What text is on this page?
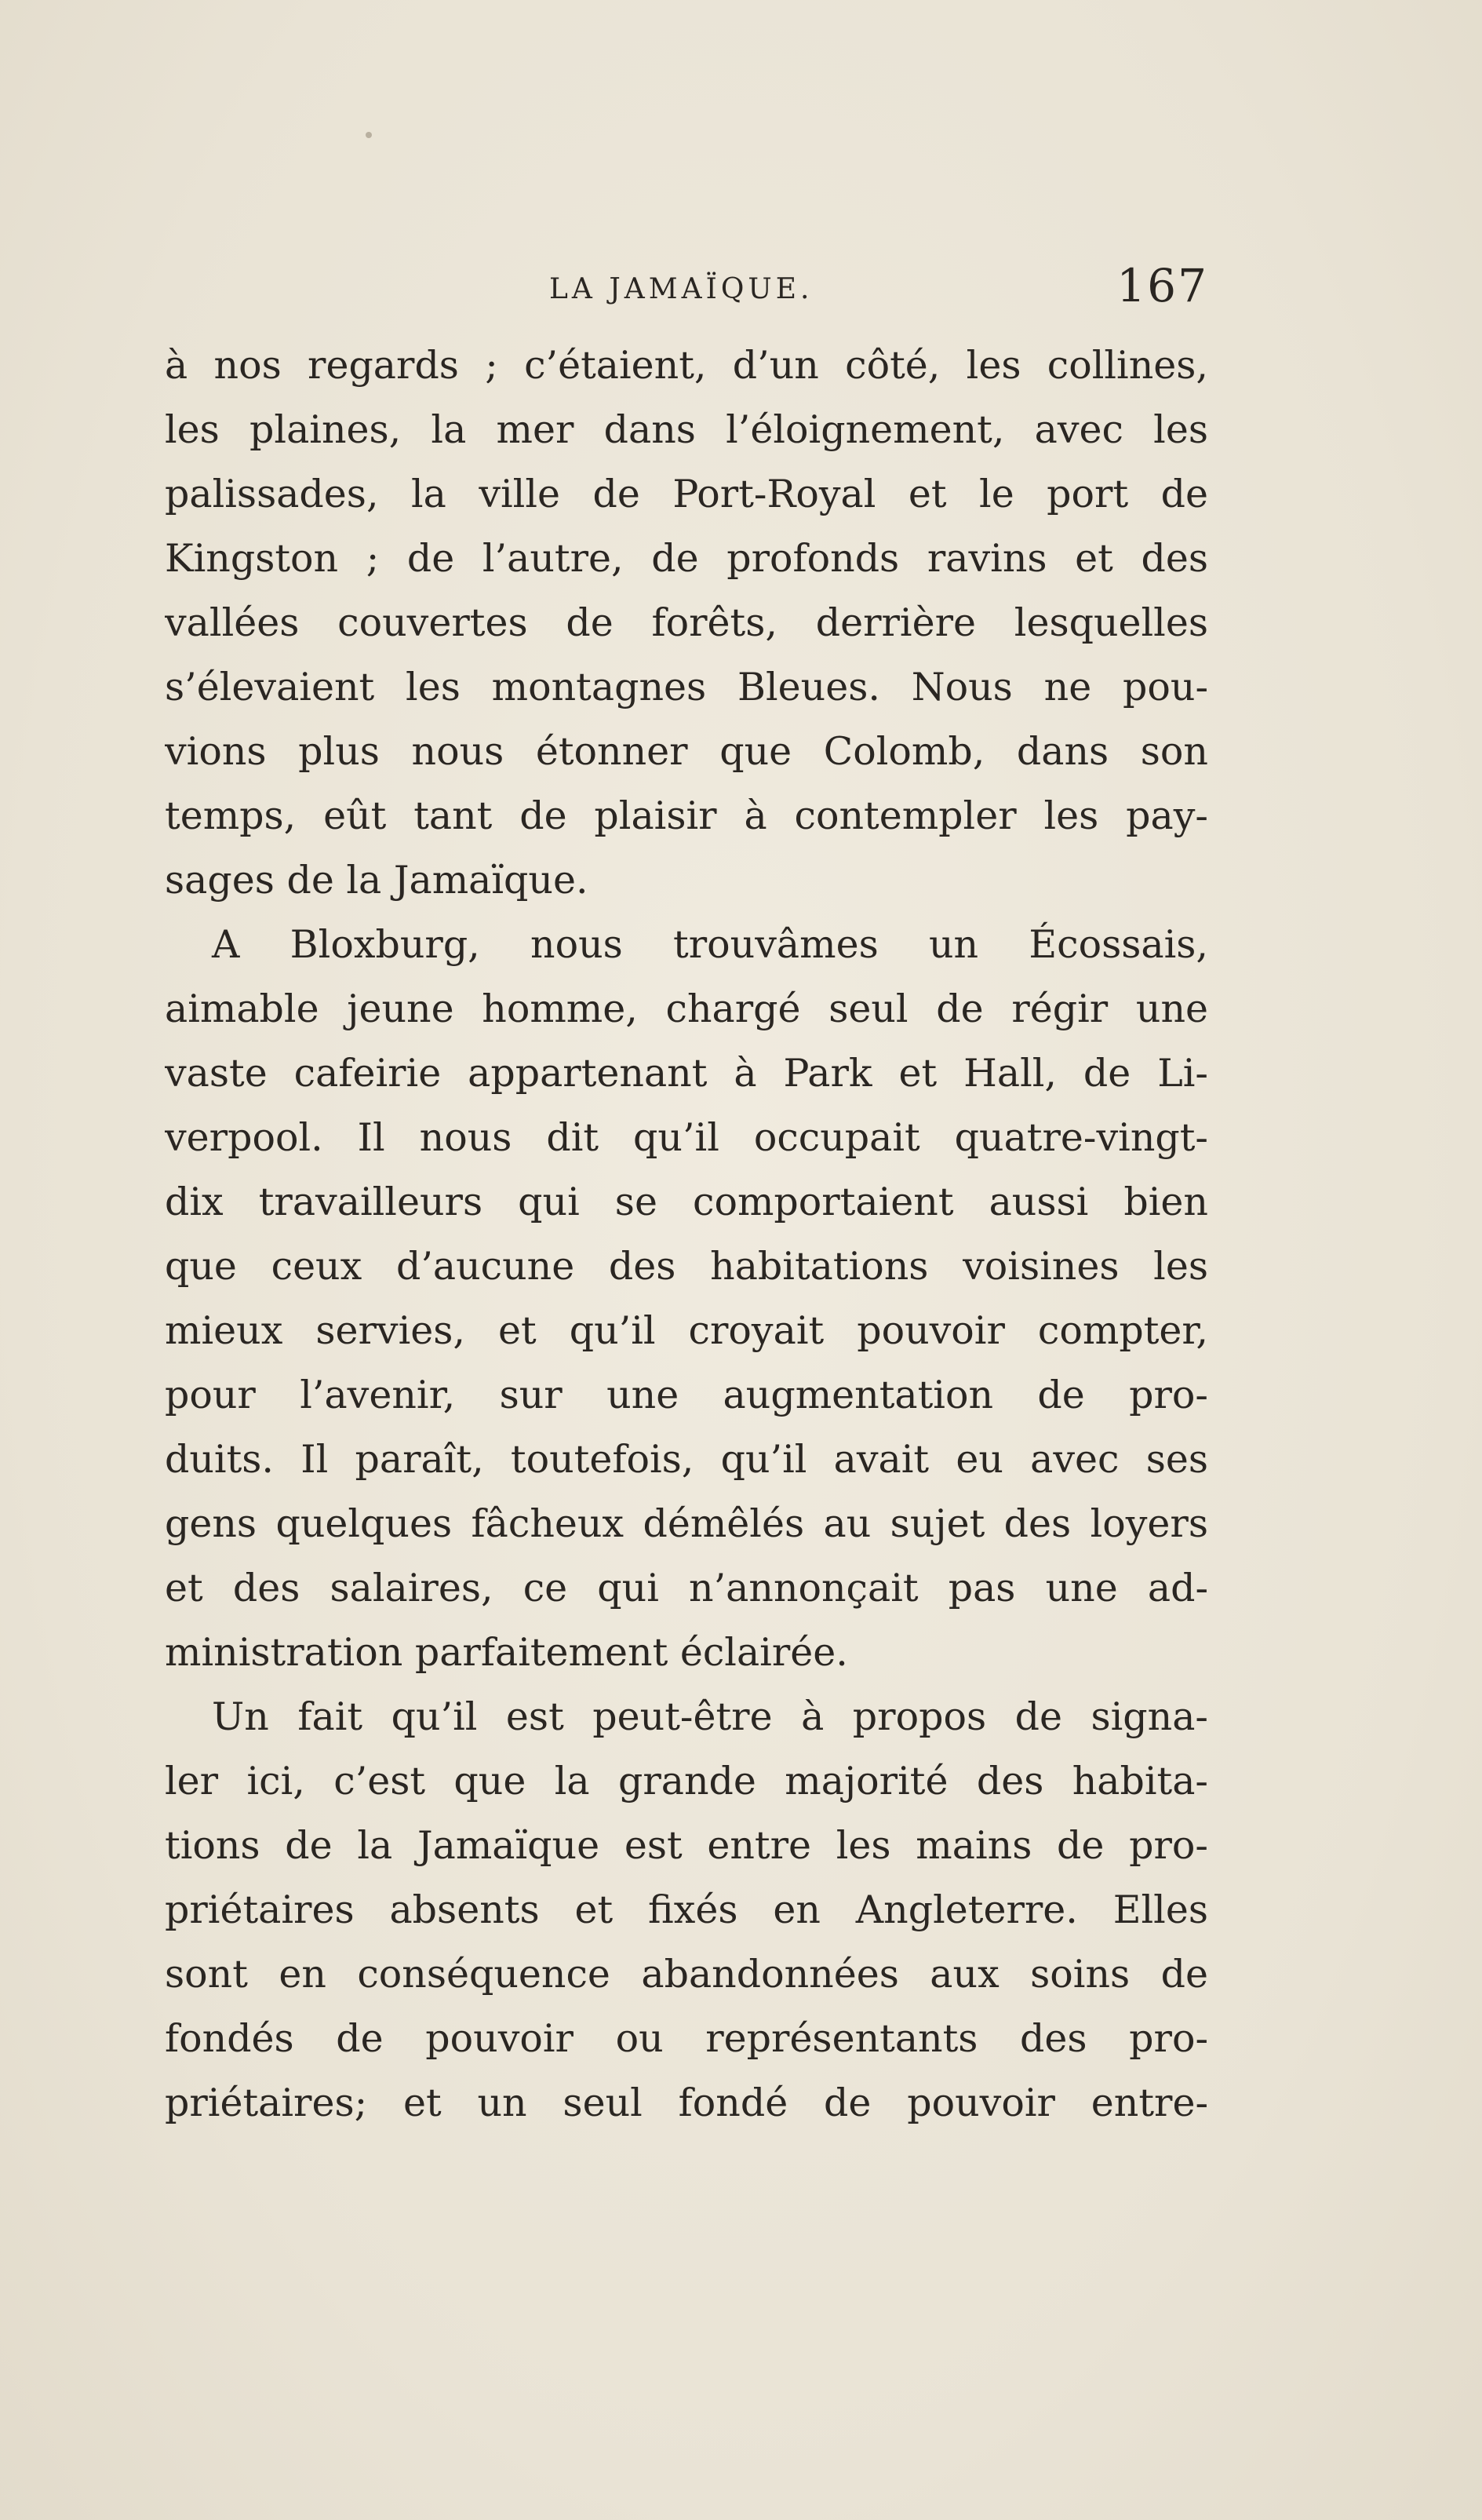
LA JAMAÏQUE.	167
à nos regards ; c’étaient, d’un côté, les collines,
les plaines, la mer dans l’éloignement, avec les
palissades, la ville de Port-Royal et le port de
Kingston ; de l’autre, de profonds ravins et des
vallées couvertes de forêts, derrière lesquelles
s’élevaient les montagnes Bleues. Nous ne pou-
vions plus nous étonner que Colomb, dans son
temps, eût tant de plaisir à contempler les pay-
sages de la Jamaïque.
A Bloxburg, nous trouvâmes un Écossais,
aimable jeune homme, chargé seul de régir une
vaste cafeirie appartenant à Park et Hall, de Li-
verpool. Il nous dit qu’il occupait quatre-vingt-
dix travailleurs qui se comportaient aussi bien
que ceux d’aucune des habitations voisines les
mieux servies, et qu’il croyait pouvoir compter,
pour l’avenir, sur une augmentation de pro-
duits. Il paraît, toutefois, qu’il avait eu avec ses
gens quelques fâcheux démêlés au sujet des loyers
et des salaires, ce qui n’annonçait pas une ad-
ministration parfaitement éclairée.
Un fait qu’il est peut-être à propos de signa-
ler ici, c’est que la grande majorité des habita-
tions de la Jamaïque est entre les mains de pro-
priétaires absents et fixés en Angleterre. Elles
sont en conséquence abandonnées aux soins de
fondés de pouvoir ou représentants des pro-
priétaires; et un seul fondé de pouvoir entre-
